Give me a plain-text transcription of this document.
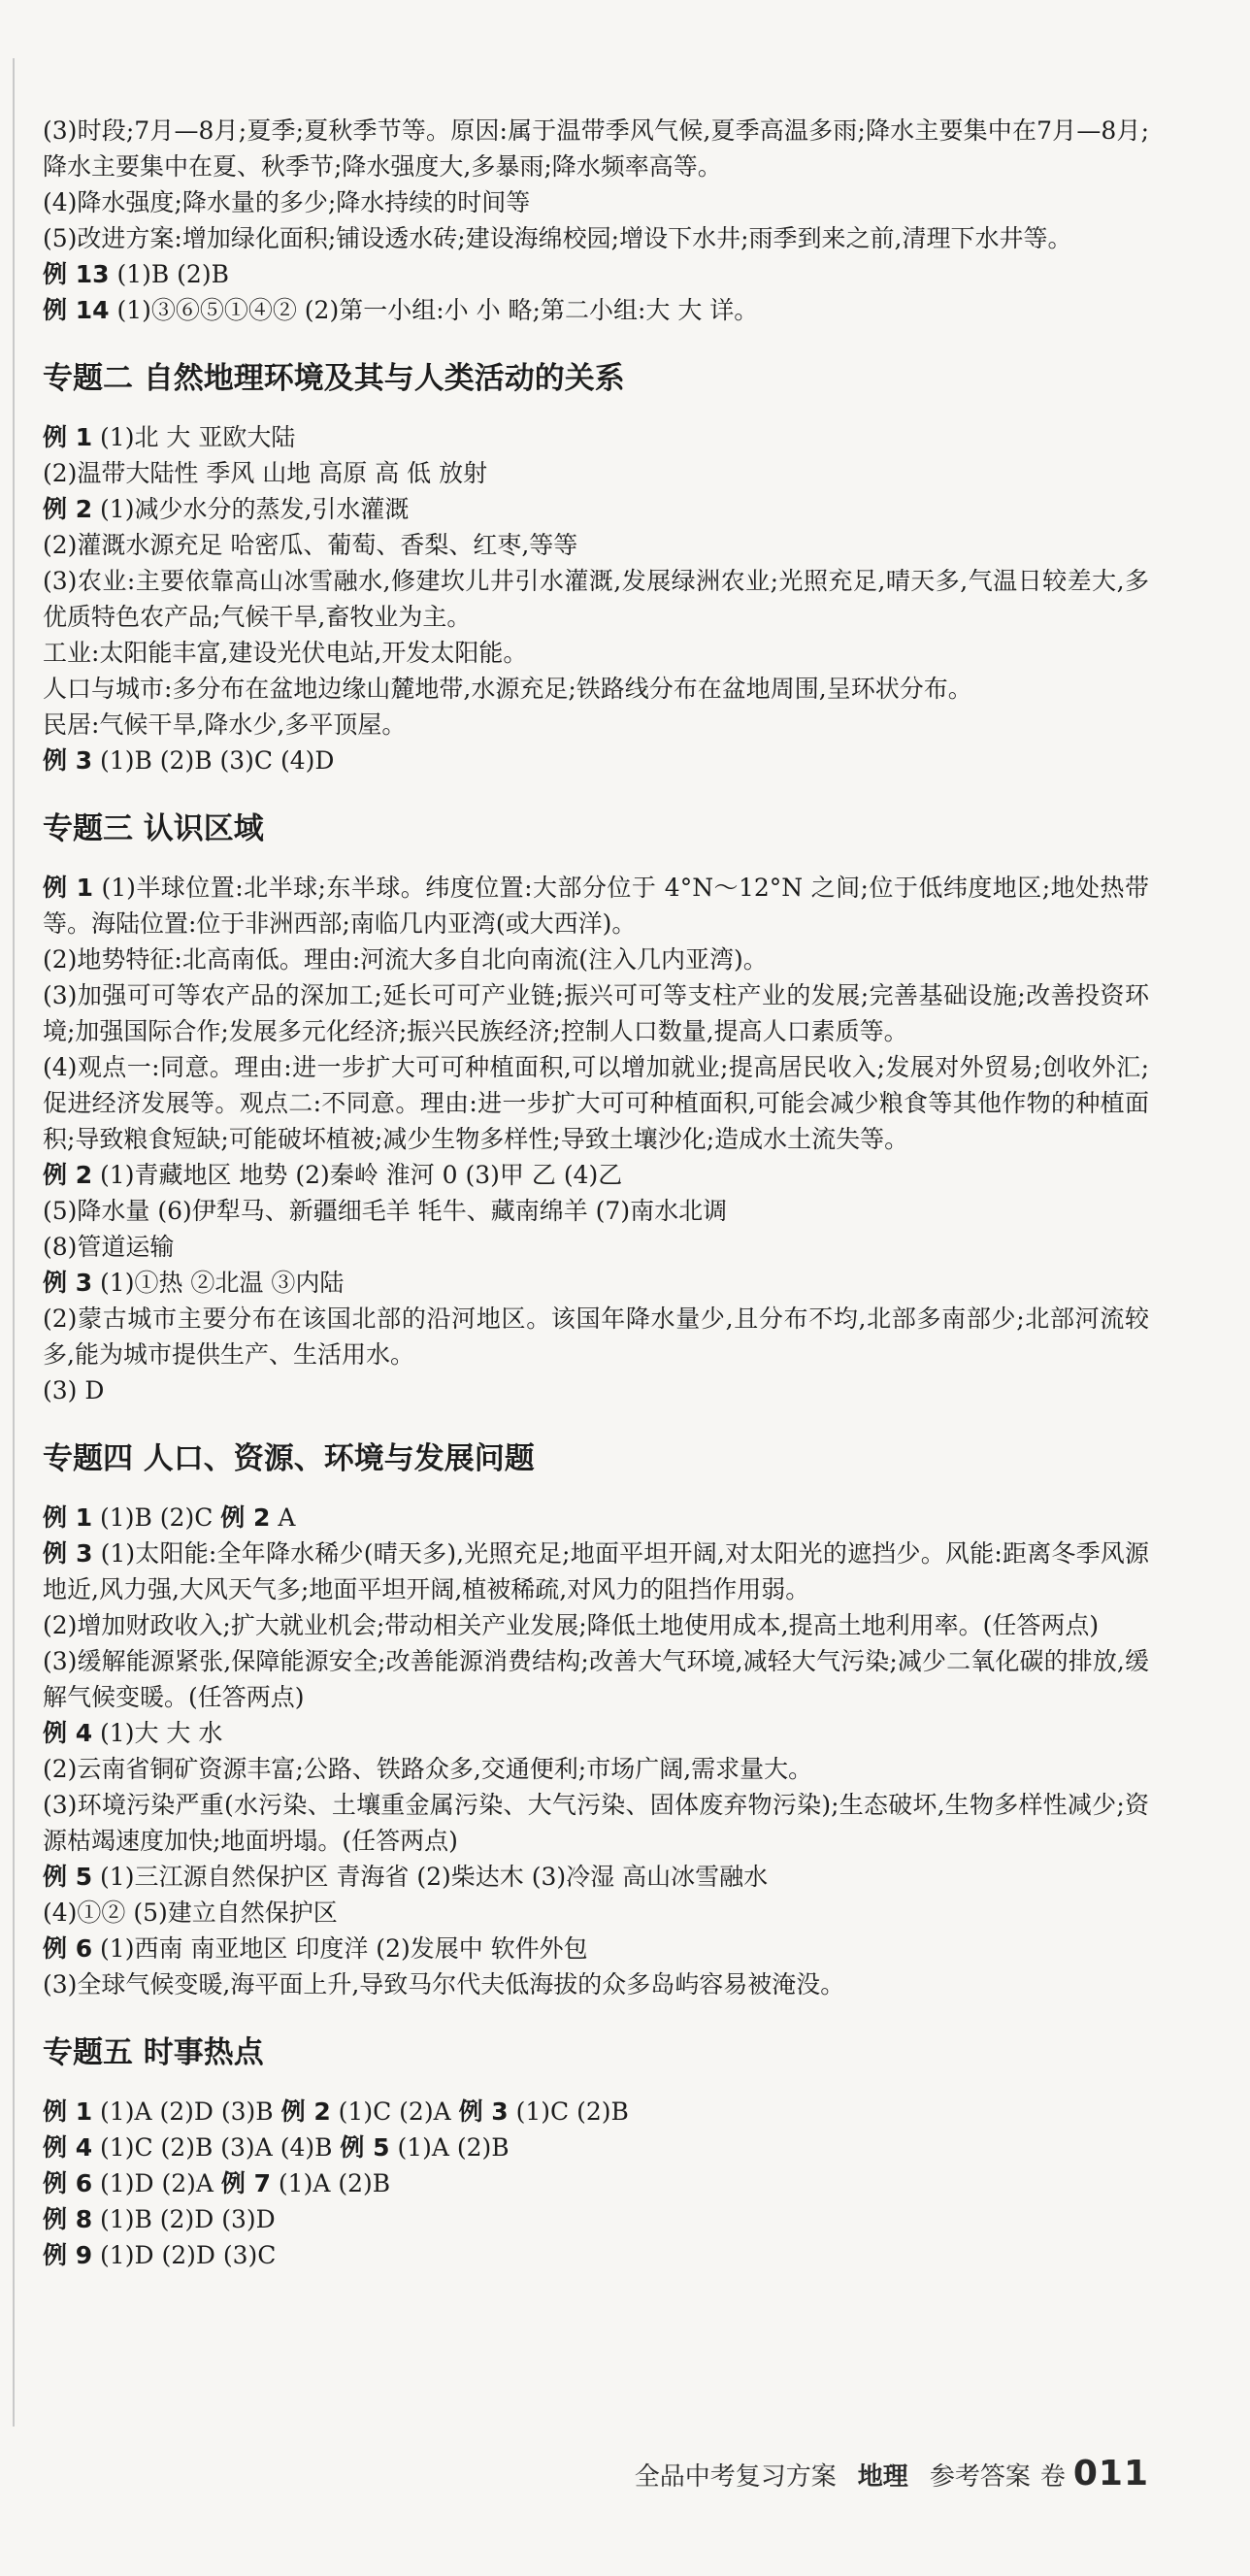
(3)时段;7月—8月;夏季;夏秋季节等。原因:属于温带季风气候,夏季高温多雨;降水主要集中在7月—8月;降水主要集中在夏、秋季节;降水强度大,多暴雨;降水频率高等。

(4)降水强度;降水量的多少;降水持续的时间等

(5)改进方案:增加绿化面积;铺设透水砖;建设海绵校园;增设下水井;雨季到来之前,清理下水井等。

例 13 (1)B (2)B

例 14 (1)③⑥⑤①④② (2)第一小组:小 小 略;第二小组:大 大 详。

专题二 自然地理环境及其与人类活动的关系

例 1 (1)北 大 亚欧大陆

(2)温带大陆性 季风 山地 高原 高 低 放射

例 2 (1)减少水分的蒸发,引水灌溉

(2)灌溉水源充足 哈密瓜、葡萄、香梨、红枣,等等

(3)农业:主要依靠高山冰雪融水,修建坎儿井引水灌溉,发展绿洲农业;光照充足,晴天多,气温日较差大,多优质特色农产品;气候干旱,畜牧业为主。

工业:太阳能丰富,建设光伏电站,开发太阳能。

人口与城市:多分布在盆地边缘山麓地带,水源充足;铁路线分布在盆地周围,呈环状分布。

民居:气候干旱,降水少,多平顶屋。

例 3 (1)B (2)B (3)C (4)D

专题三 认识区域

例 1 (1)半球位置:北半球;东半球。纬度位置:大部分位于 4°N～12°N 之间;位于低纬度地区;地处热带等。海陆位置:位于非洲西部;南临几内亚湾(或大西洋)。

(2)地势特征:北高南低。理由:河流大多自北向南流(注入几内亚湾)。

(3)加强可可等农产品的深加工;延长可可产业链;振兴可可等支柱产业的发展;完善基础设施;改善投资环境;加强国际合作;发展多元化经济;振兴民族经济;控制人口数量,提高人口素质等。

(4)观点一:同意。理由:进一步扩大可可种植面积,可以增加就业;提高居民收入;发展对外贸易;创收外汇;促进经济发展等。观点二:不同意。理由:进一步扩大可可种植面积,可能会减少粮食等其他作物的种植面积;导致粮食短缺;可能破坏植被;减少生物多样性;导致土壤沙化;造成水土流失等。

例 2 (1)青藏地区 地势 (2)秦岭 淮河 0 (3)甲 乙 (4)乙

(5)降水量 (6)伊犁马、新疆细毛羊 牦牛、藏南绵羊 (7)南水北调

(8)管道运输

例 3 (1)①热 ②北温 ③内陆

(2)蒙古城市主要分布在该国北部的沿河地区。该国年降水量少,且分布不均,北部多南部少;北部河流较多,能为城市提供生产、生活用水。

(3) D

专题四 人口、资源、环境与发展问题

例 1 (1)B (2)C 例 2 A

例 3 (1)太阳能:全年降水稀少(晴天多),光照充足;地面平坦开阔,对太阳光的遮挡少。风能:距离冬季风源地近,风力强,大风天气多;地面平坦开阔,植被稀疏,对风力的阻挡作用弱。

(2)增加财政收入;扩大就业机会;带动相关产业发展;降低土地使用成本,提高土地利用率。(任答两点)

(3)缓解能源紧张,保障能源安全;改善能源消费结构;改善大气环境,减轻大气污染;减少二氧化碳的排放,缓解气候变暖。(任答两点)

例 4 (1)大 大 水

(2)云南省铜矿资源丰富;公路、铁路众多,交通便利;市场广阔,需求量大。

(3)环境污染严重(水污染、土壤重金属污染、大气污染、固体废弃物污染);生态破坏,生物多样性减少;资源枯竭速度加快;地面坍塌。(任答两点)

例 5 (1)三江源自然保护区 青海省 (2)柴达木 (3)冷湿 高山冰雪融水

(4)①② (5)建立自然保护区

例 6 (1)西南 南亚地区 印度洋 (2)发展中 软件外包

(3)全球气候变暖,海平面上升,导致马尔代夫低海拔的众多岛屿容易被淹没。

专题五 时事热点

例 1 (1)A (2)D (3)B 例 2 (1)C (2)A 例 3 (1)C (2)B

例 4 (1)C (2)B (3)A (4)B 例 5 (1)A (2)B

例 6 (1)D (2)A 例 7 (1)A (2)B

例 8 (1)B (2)D (3)D

例 9 (1)D (2)D (3)C

全品中考复习方案 地理 参考答案 卷 011
